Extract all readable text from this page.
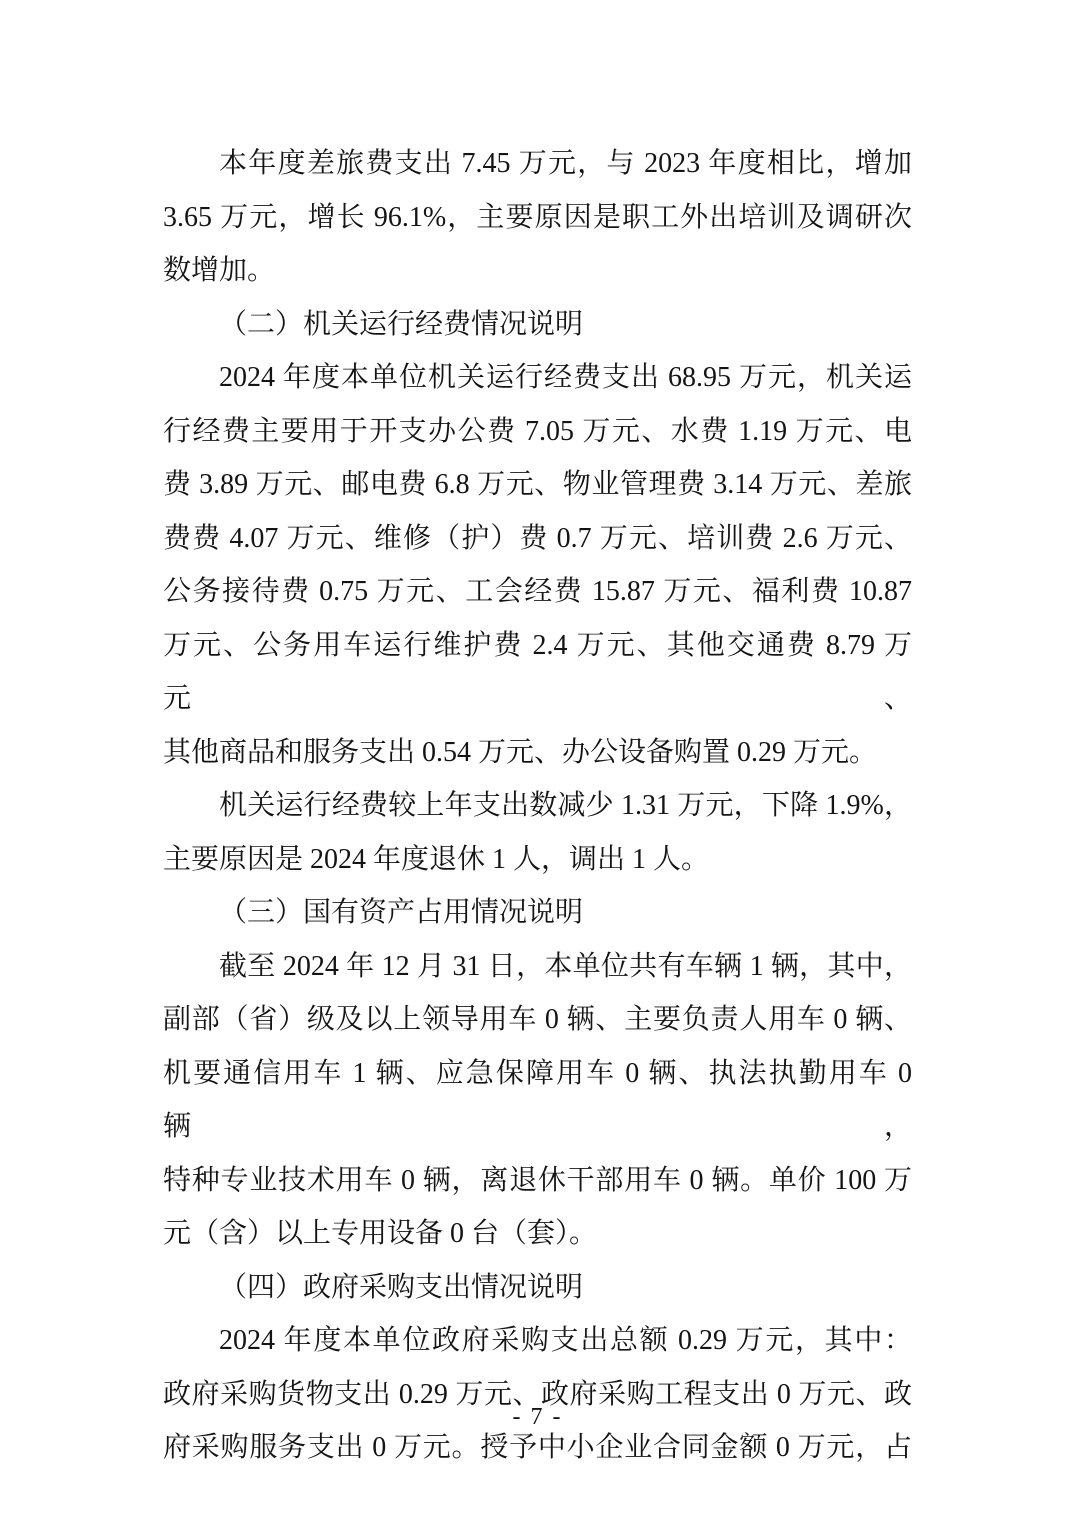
本年度差旅费支出 7.45 万元，与 2023 年度相比，增加
3.65 万元，增长 96.1%，主要原因是职工外出培训及调研次
数增加。
（二）机关运行经费情况说明
2024 年度本单位机关运行经费支出 68.95 万元，机关运
行经费主要用于开支办公费 7.05 万元、水费 1.19 万元、电
费 3.89 万元、邮电费 6.8 万元、物业管理费 3.14 万元、差旅
费费 4.07 万元、维修（护）费 0.7 万元、培训费 2.6 万元、
公务接待费 0.75 万元、工会经费 15.87 万元、福利费 10.87
万元、公务用车运行维护费 2.4 万元、其他交通费 8.79 万元、
其他商品和服务支出 0.54 万元、办公设备购置 0.29 万元。
机关运行经费较上年支出数减少 1.31 万元，下降 1.9%，
主要原因是 2024 年度退休 1 人，调出 1 人。
（三）国有资产占用情况说明
截至 2024 年 12 月 31 日，本单位共有车辆 1 辆，其中，
副部（省）级及以上领导用车 0 辆、主要负责人用车 0 辆、
机要通信用车 1 辆、应急保障用车 0 辆、执法执勤用车 0 辆，
特种专业技术用车 0 辆，离退休干部用车 0 辆。单价 100 万
元（含）以上专用设备 0 台（套）。
（四）政府采购支出情况说明
2024 年度本单位政府采购支出总额 0.29 万元，其中：
政府采购货物支出 0.29 万元、政府采购工程支出 0 万元、政
府采购服务支出 0 万元。授予中小企业合同金额 0 万元，占
- 7 -
